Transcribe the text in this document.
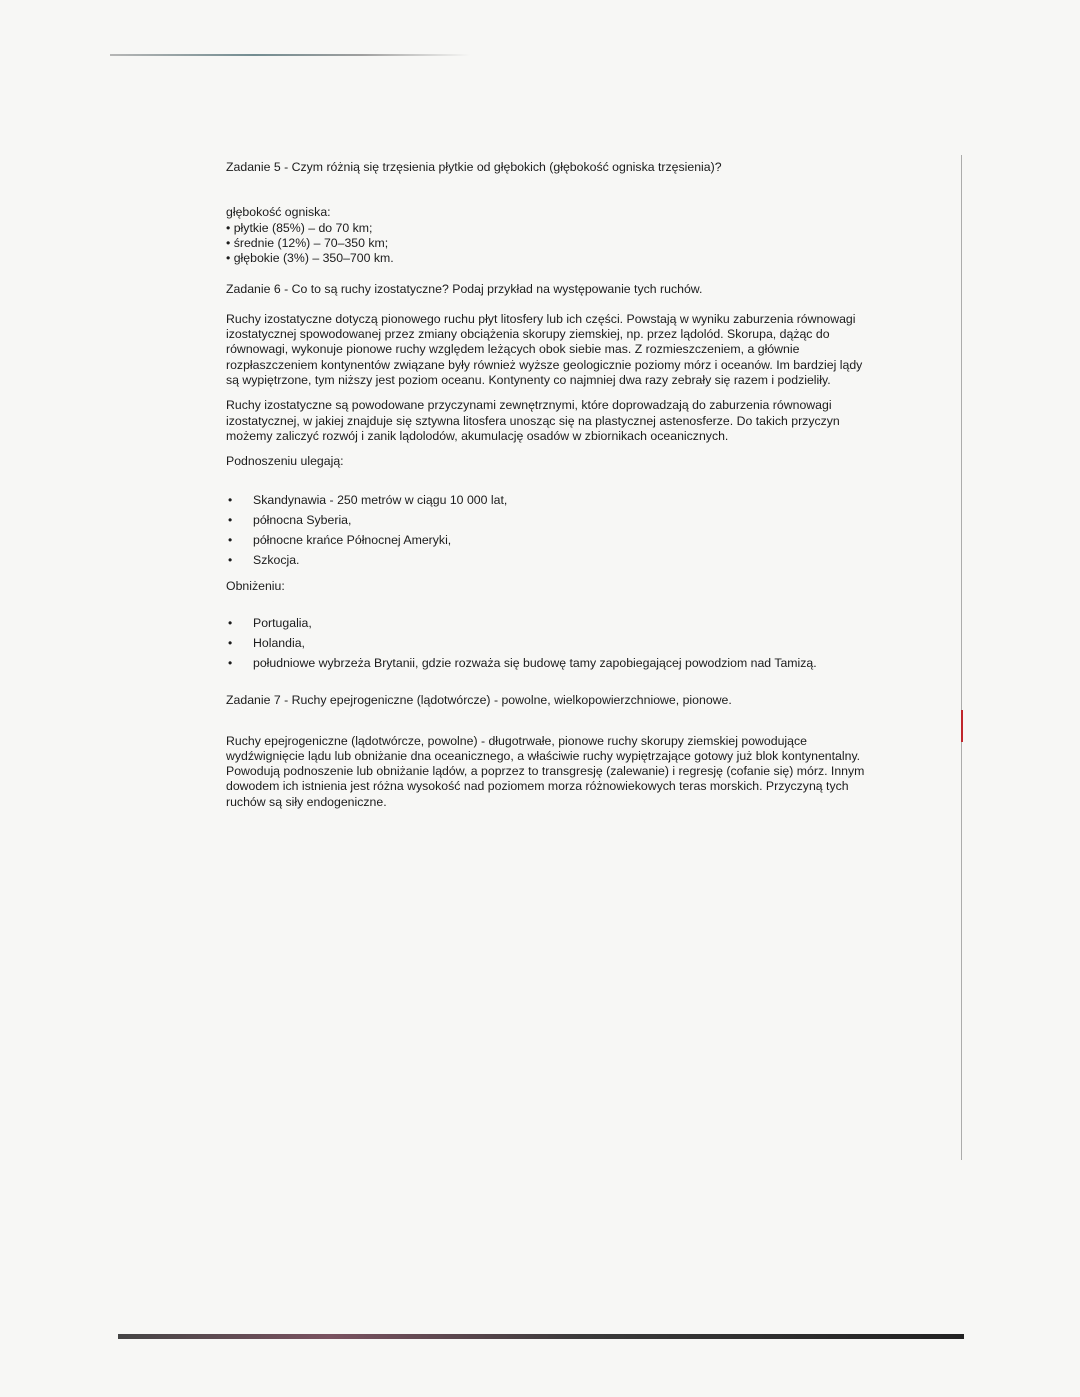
Zadanie 5 - Czym różnią się trzęsienia płytkie od głębokich (głębokość ogniska trzęsienia)?
głębokość ogniska:
• płytkie (85%) – do 70 km;
• średnie (12%) – 70–350 km;
• głębokie (3%) – 350–700 km.
Zadanie 6 - Co to są ruchy izostatyczne? Podaj przykład na występowanie tych ruchów.
Ruchy izostatyczne dotyczą pionowego ruchu płyt litosfery lub ich części. Powstają w wyniku zaburzenia równowagi izostatycznej spowodowanej przez zmiany obciążenia skorupy ziemskiej, np. przez lądolód. Skorupa, dążąc do równowagi, wykonuje pionowe ruchy względem leżących obok siebie mas. Z rozmieszczeniem, a głównie rozpłaszczeniem kontynentów związane były również wyższe geologicznie poziomy mórz i oceanów. Im bardziej lądy są wypiętrzone, tym niższy jest poziom oceanu. Kontynenty co najmniej dwa razy zebrały się razem i podzieliły.
Ruchy izostatyczne są powodowane przyczynami zewnętrznymi, które doprowadzają do zaburzenia równowagi izostatycznej, w jakiej znajduje się sztywna litosfera unosząc się na plastycznej astenosferze. Do takich przyczyn możemy zaliczyć rozwój i zanik lądolodów, akumulację osadów w zbiornikach oceanicznych.
Podnoszeniu ulegają:
• Skandynawia - 250 metrów w ciągu 10 000 lat,
• północna Syberia,
• północne krańce Północnej Ameryki,
• Szkocja.
Obniżeniu:
• Portugalia,
• Holandia,
• południowe wybrzeża Brytanii, gdzie rozważa się budowę tamy zapobiegającej powodziom nad Tamizą.
Zadanie 7 - Ruchy epejrogeniczne (lądotwórcze) - powolne, wielkopowierzchniowe, pionowe.
Ruchy epejrogeniczne (lądotwórcze, powolne) - długotrwałe, pionowe ruchy skorupy ziemskiej powodujące wydźwignięcie lądu lub obniżanie dna oceanicznego, a właściwie ruchy wypiętrzające gotowy już blok kontynentalny. Powodują podnoszenie lub obniżanie lądów, a poprzez to transgresję (zalewanie) i regresję (cofanie się) mórz. Innym dowodem ich istnienia jest różna wysokość nad poziomem morza różnowiekowych teras morskich. Przyczyną tych ruchów są siły endogeniczne.
